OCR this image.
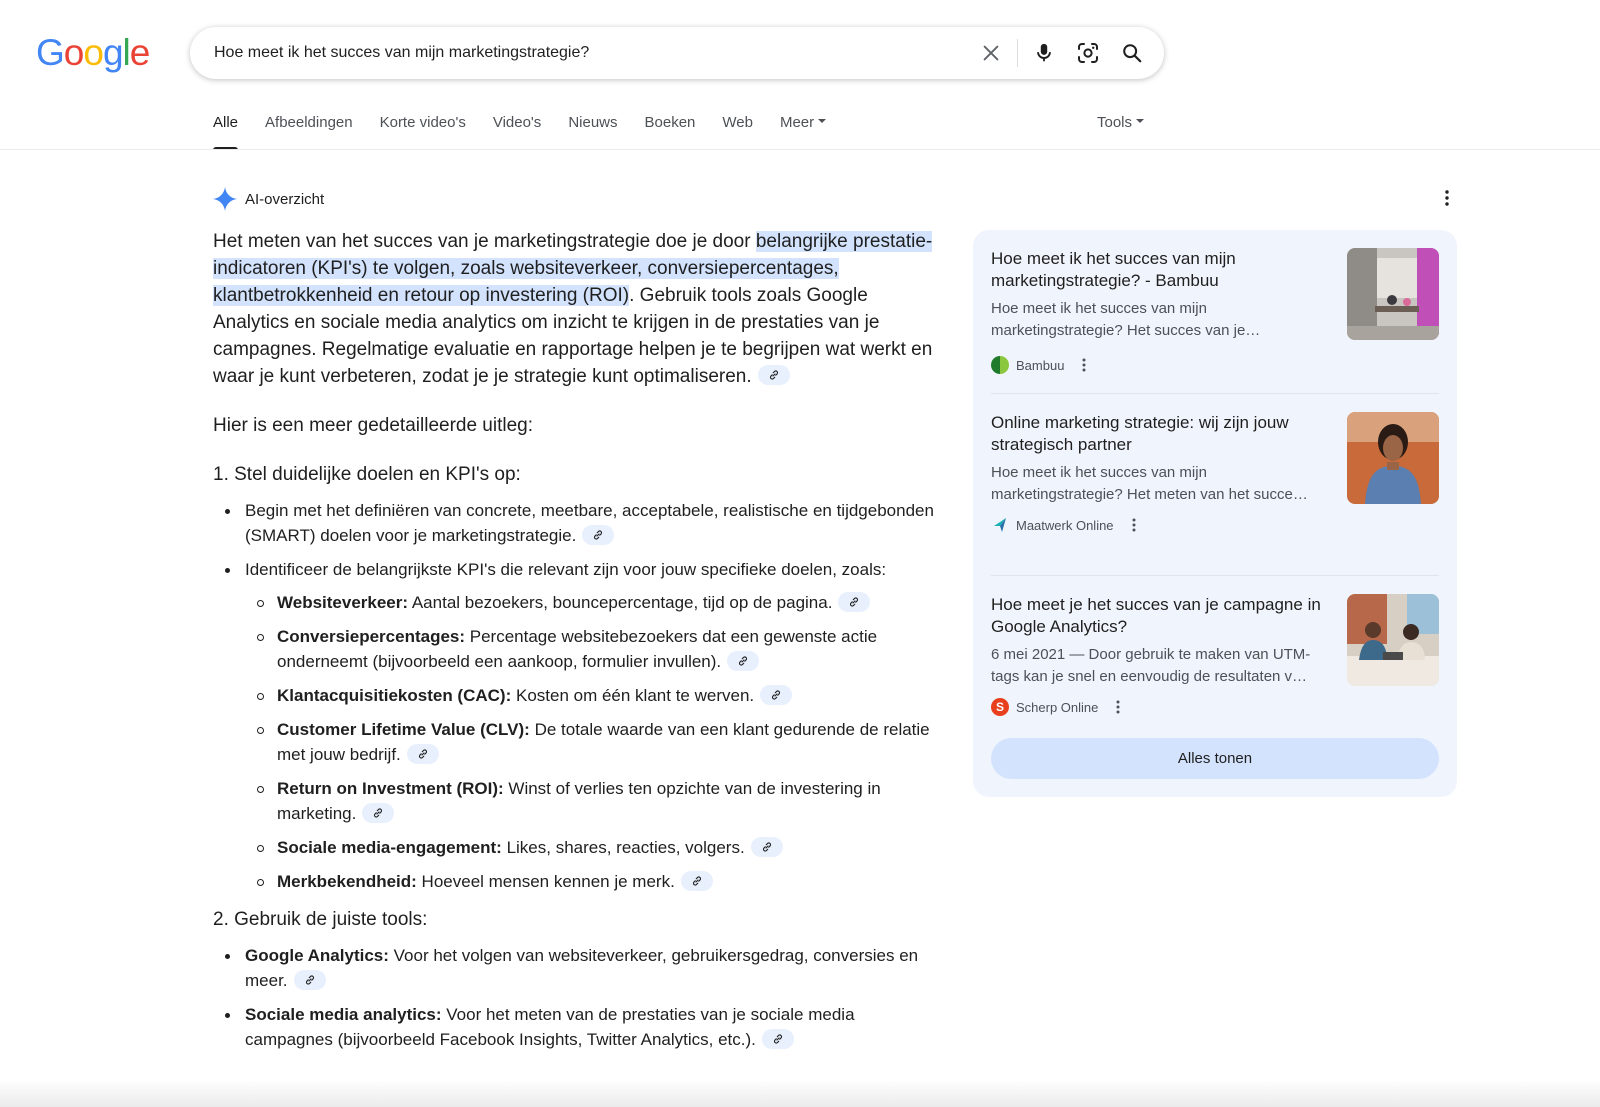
Google	Hoe meet ik het succes van mijn marketingstrategie?
Alle Afbeeldingen Korte video's Video's Nieuws Boeken Web Meer	Tools
AI-overzicht

Het meten van het succes van je marketingstrategie doe je door belangrijke prestatie-indicatoren (KPI's) te volgen, zoals websiteverkeer, conversiepercentages, klantbetrokkenheid en retour op investering (ROI). Gebruik tools zoals Google Analytics en sociale media analytics om inzicht te krijgen in de prestaties van je campagnes. Regelmatige evaluatie en rapportage helpen je te begrijpen wat werkt en waar je kunt verbeteren, zodat je je strategie kunt optimaliseren.

Hier is een meer gedetailleerde uitleg:

1. Stel duidelijke doelen en KPI's op:

Begin met het definiëren van concrete, meetbare, acceptabele, realistische en tijdgebonden (SMART) doelen voor je marketingstrategie.
Identificeer de belangrijkste KPI's die relevant zijn voor jouw specifieke doelen, zoals:
Websiteverkeer: Aantal bezoekers, bouncepercentage, tijd op de pagina.
Conversiepercentages: Percentage websitebezoekers dat een gewenste actie onderneemt (bijvoorbeeld een aankoop, formulier invullen).
Klantacquisitiekosten (CAC): Kosten om één klant te werven.
Customer Lifetime Value (CLV): De totale waarde van een klant gedurende de relatie met jouw bedrijf.
Return on Investment (ROI): Winst of verlies ten opzichte van de investering in marketing.
Sociale media-engagement: Likes, shares, reacties, volgers.
Merkbekendheid: Hoeveel mensen kennen je merk.

2. Gebruik de juiste tools:

Google Analytics: Voor het volgen van websiteverkeer, gebruikersgedrag, conversies en meer.
Sociale media analytics: Voor het meten van de prestaties van je sociale media campagnes (bijvoorbeeld Facebook Insights, Twitter Analytics, etc.).
Hoe meet ik het succes van mijn marketingstrategie? - Bambuu
Hoe meet ik het succes van mijn marketingstrategie? Het succes van je…
Bambuu
Online marketing strategie: wij zijn jouw strategisch partner
Hoe meet ik het succes van mijn marketingstrategie? Het meten van het succe…
Maatwerk Online
Hoe meet je het succes van je campagne in Google Analytics?
6 mei 2021 — Door gebruik te maken van UTM-tags kan je snel en eenvoudig de resultaten v…
S Scherp Online
Alles tonen
